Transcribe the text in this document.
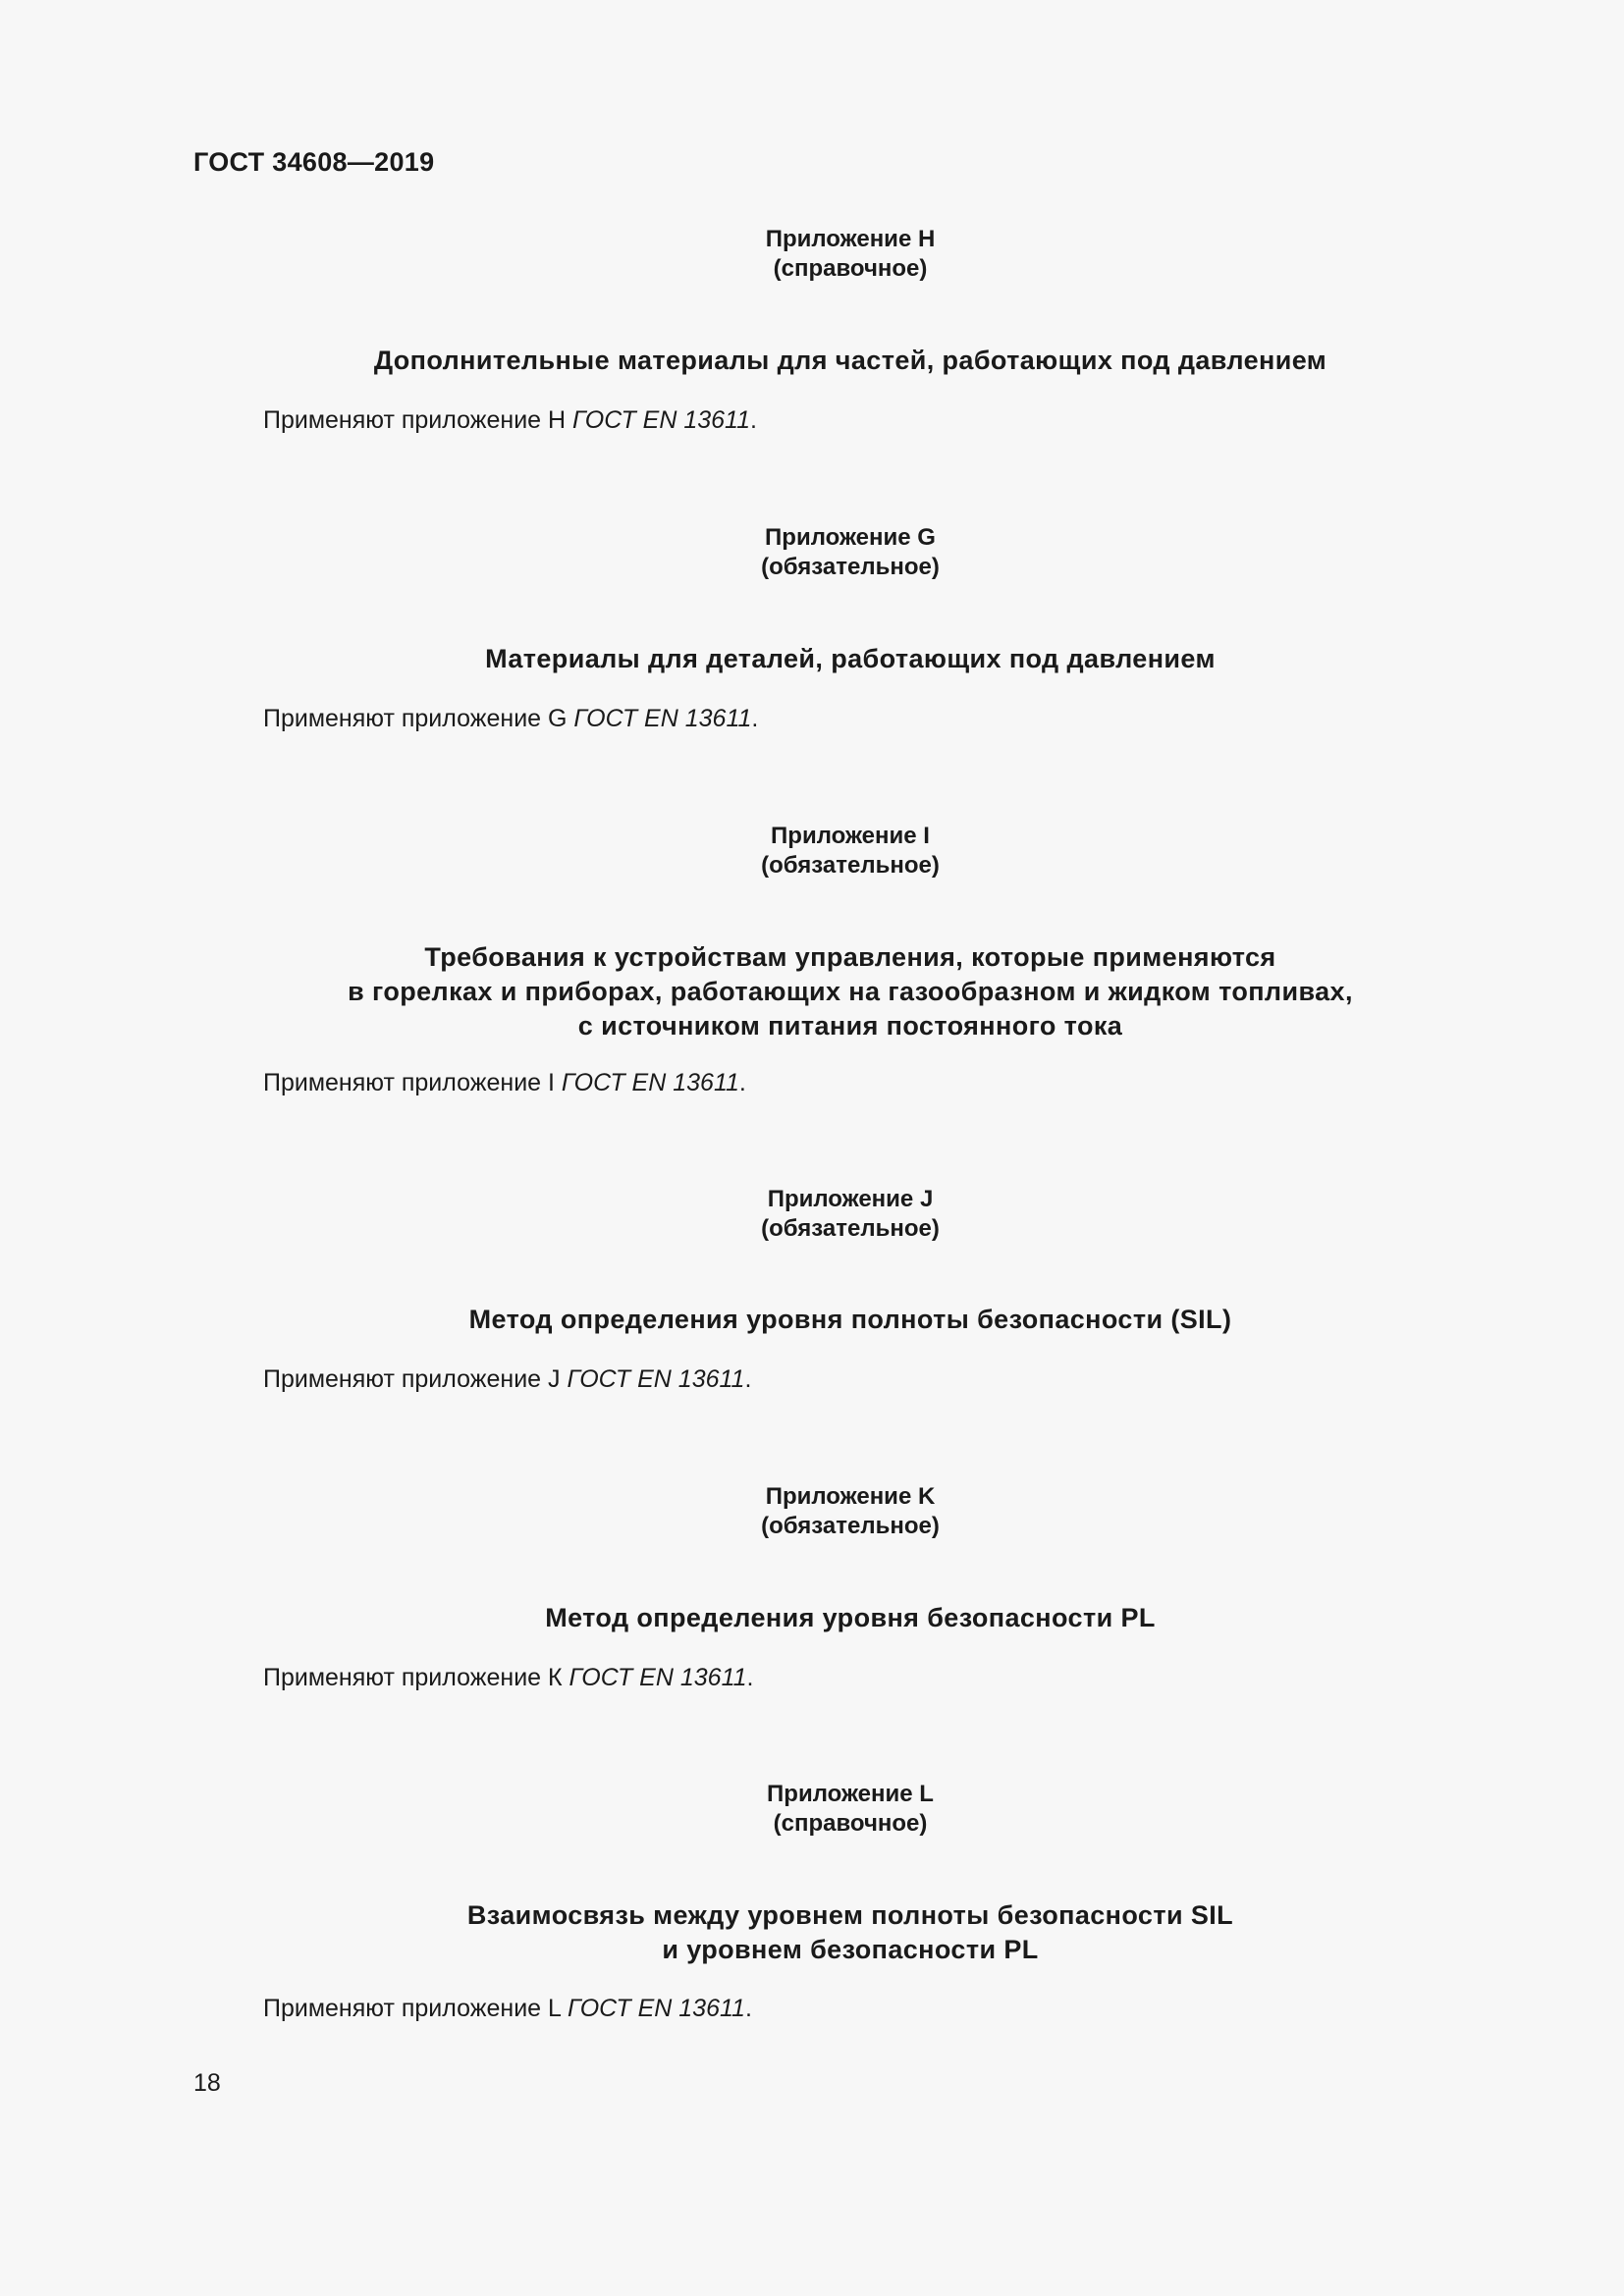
ГОСТ 34608—2019

Приложение Н

(справочное)

Дополнительные материалы для частей, работающих под давлением

Применяют приложение Н ГОСТ EN 13611.

Приложение G

(обязательное)

Материалы для деталей, работающих под давлением

Применяют приложение G ГОСТ EN 13611.

Приложение I

(обязательное)

Требования к устройствам управления, которые применяются
в горелках и приборах, работающих на газообразном и жидком топливах,
с источником питания постоянного тока

Применяют приложение I ГОСТ EN 13611.

Приложение J

(обязательное)

Метод определения уровня полноты безопасности (SIL)

Применяют приложение J ГОСТ EN 13611.

Приложение K

(обязательное)

Метод определения уровня безопасности PL

Применяют приложение К ГОСТ EN 13611.

Приложение L

(справочное)

Взаимосвязь между уровнем полноты безопасности SIL
и уровнем безопасности PL

Применяют приложение L ГОСТ EN 13611.

18
